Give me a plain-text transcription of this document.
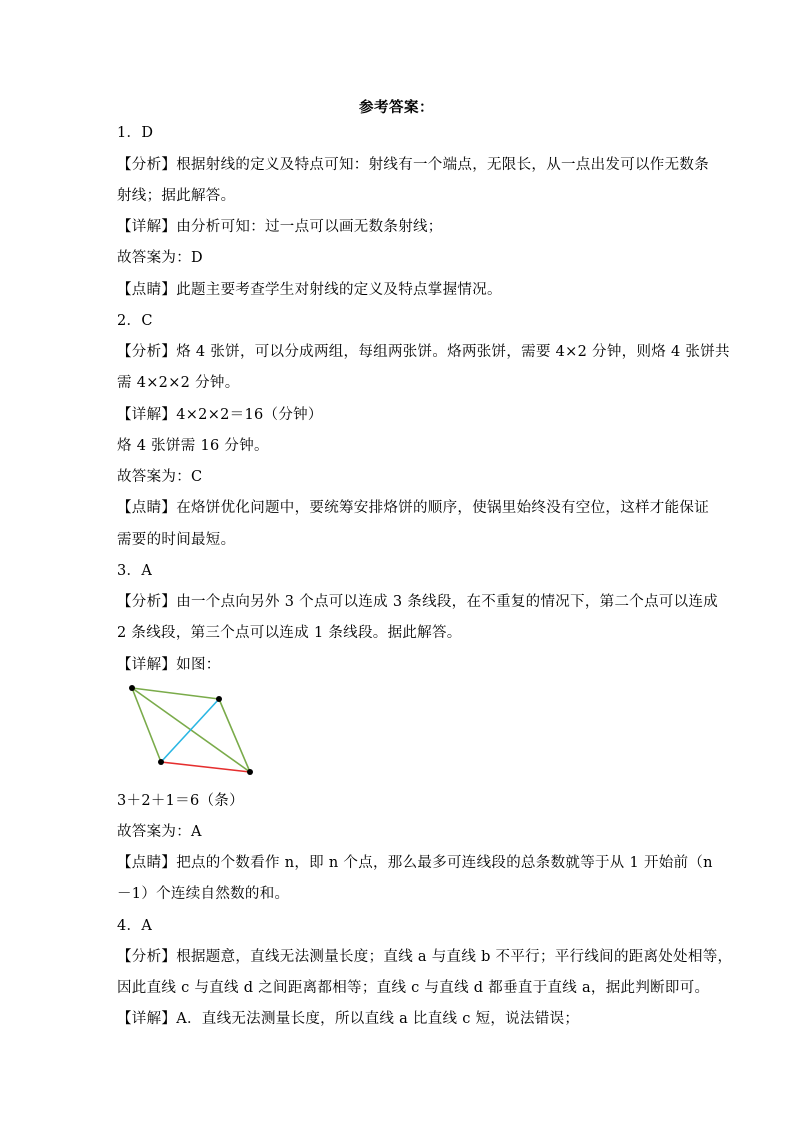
参考答案：
1．D
【分析】根据射线的定义及特点可知：射线有一个端点，无限长，从一点出发可以作无数条
射线；据此解答。
【详解】由分析可知：过一点可以画无数条射线；
故答案为：D
【点睛】此题主要考查学生对射线的定义及特点掌握情况。
2．C
【分析】烙 4 张饼，可以分成两组，每组两张饼。烙两张饼，需要 4×2 分钟，则烙 4 张饼共
需 4×2×2 分钟。
【详解】4×2×2＝16（分钟）
烙 4 张饼需 16 分钟。
故答案为：C
【点睛】在烙饼优化问题中，要统筹安排烙饼的顺序，使锅里始终没有空位，这样才能保证
需要的时间最短。
3．A
【分析】由一个点向另外 3 个点可以连成 3 条线段，在不重复的情况下，第二个点可以连成
2 条线段，第三个点可以连成 1 条线段。据此解答。
【详解】如图：
3＋2＋1＝6（条）
故答案为：A
【点睛】把点的个数看作 n，即 n 个点，那么最多可连线段的总条数就等于从 1 开始前（n
－1）个连续自然数的和。
4．A
【分析】根据题意，直线无法测量长度；直线 a 与直线 b 不平行；平行线间的距离处处相等，
因此直线 c 与直线 d 之间距离都相等；直线 c 与直线 d 都垂直于直线 a，据此判断即可。
【详解】A．直线无法测量长度，所以直线 a 比直线 c 短，说法错误；
